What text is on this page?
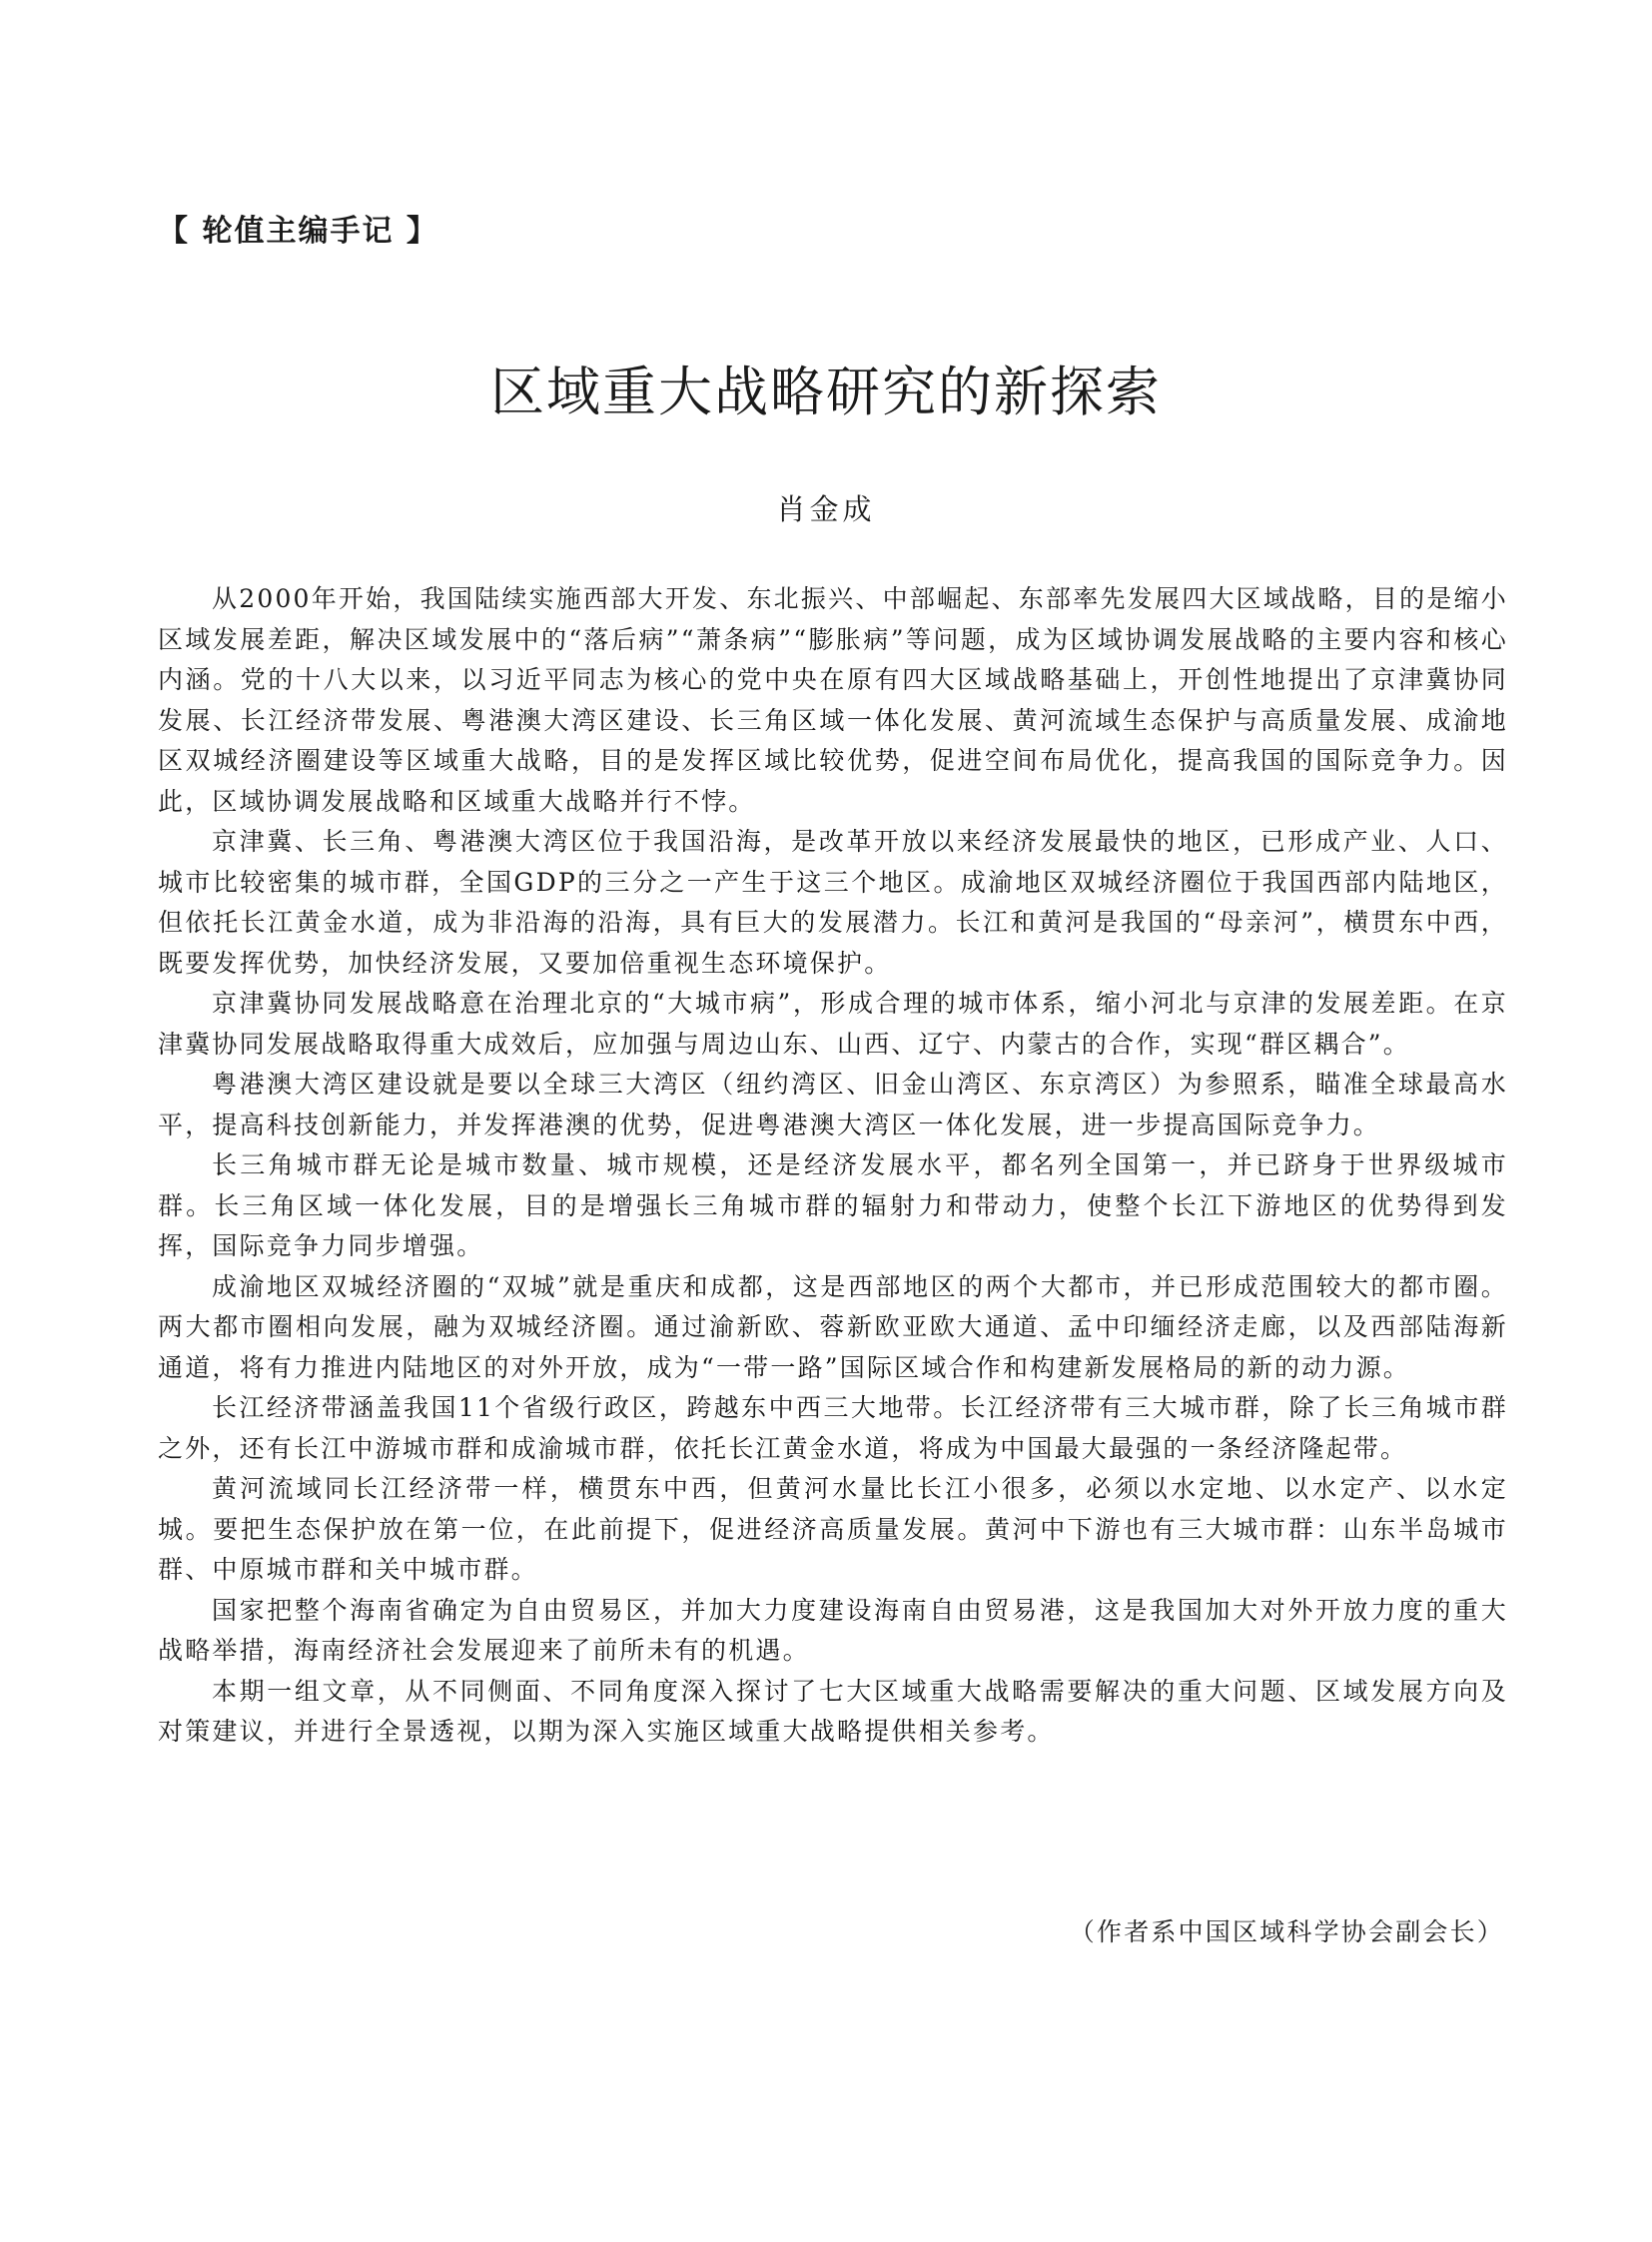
【 轮值主编手记 】

区域重大战略研究的新探索

肖金成

从2000年开始，我国陆续实施西部大开发、东北振兴、中部崛起、东部率先发展四大区域战略，目的是缩小区域发展差距，解决区域发展中的“落后病”“萧条病”“膨胀病”等问题，成为区域协调发展战略的主要内容和核心内涵。党的十八大以来，以习近平同志为核心的党中央在原有四大区域战略基础上，开创性地提出了京津冀协同发展、长江经济带发展、粤港澳大湾区建设、长三角区域一体化发展、黄河流域生态保护与高质量发展、成渝地区双城经济圈建设等区域重大战略，目的是发挥区域比较优势，促进空间布局优化，提高我国的国际竞争力。因此，区域协调发展战略和区域重大战略并行不悖。

京津冀、长三角、粤港澳大湾区位于我国沿海，是改革开放以来经济发展最快的地区，已形成产业、人口、城市比较密集的城市群，全国GDP的三分之一产生于这三个地区。成渝地区双城经济圈位于我国西部内陆地区，但依托长江黄金水道，成为非沿海的沿海，具有巨大的发展潜力。长江和黄河是我国的“母亲河”，横贯东中西，既要发挥优势，加快经济发展，又要加倍重视生态环境保护。

京津冀协同发展战略意在治理北京的“大城市病”，形成合理的城市体系，缩小河北与京津的发展差距。在京津冀协同发展战略取得重大成效后，应加强与周边山东、山西、辽宁、内蒙古的合作，实现“群区耦合”。

粤港澳大湾区建设就是要以全球三大湾区（纽约湾区、旧金山湾区、东京湾区）为参照系，瞄准全球最高水平，提高科技创新能力，并发挥港澳的优势，促进粤港澳大湾区一体化发展，进一步提高国际竞争力。

长三角城市群无论是城市数量、城市规模，还是经济发展水平，都名列全国第一，并已跻身于世界级城市群。长三角区域一体化发展，目的是增强长三角城市群的辐射力和带动力，使整个长江下游地区的优势得到发挥，国际竞争力同步增强。

成渝地区双城经济圈的“双城”就是重庆和成都，这是西部地区的两个大都市，并已形成范围较大的都市圈。两大都市圈相向发展，融为双城经济圈。通过渝新欧、蓉新欧亚欧大通道、孟中印缅经济走廊，以及西部陆海新通道，将有力推进内陆地区的对外开放，成为“一带一路”国际区域合作和构建新发展格局的新的动力源。

长江经济带涵盖我国11个省级行政区，跨越东中西三大地带。长江经济带有三大城市群，除了长三角城市群之外，还有长江中游城市群和成渝城市群，依托长江黄金水道，将成为中国最大最强的一条经济隆起带。

黄河流域同长江经济带一样，横贯东中西，但黄河水量比长江小很多，必须以水定地、以水定产、以水定城。要把生态保护放在第一位，在此前提下，促进经济高质量发展。黄河中下游也有三大城市群：山东半岛城市群、中原城市群和关中城市群。

国家把整个海南省确定为自由贸易区，并加大力度建设海南自由贸易港，这是我国加大对外开放力度的重大战略举措，海南经济社会发展迎来了前所未有的机遇。

本期一组文章，从不同侧面、不同角度深入探讨了七大区域重大战略需要解决的重大问题、区域发展方向及对策建议，并进行全景透视，以期为深入实施区域重大战略提供相关参考。

（作者系中国区域科学协会副会长）
